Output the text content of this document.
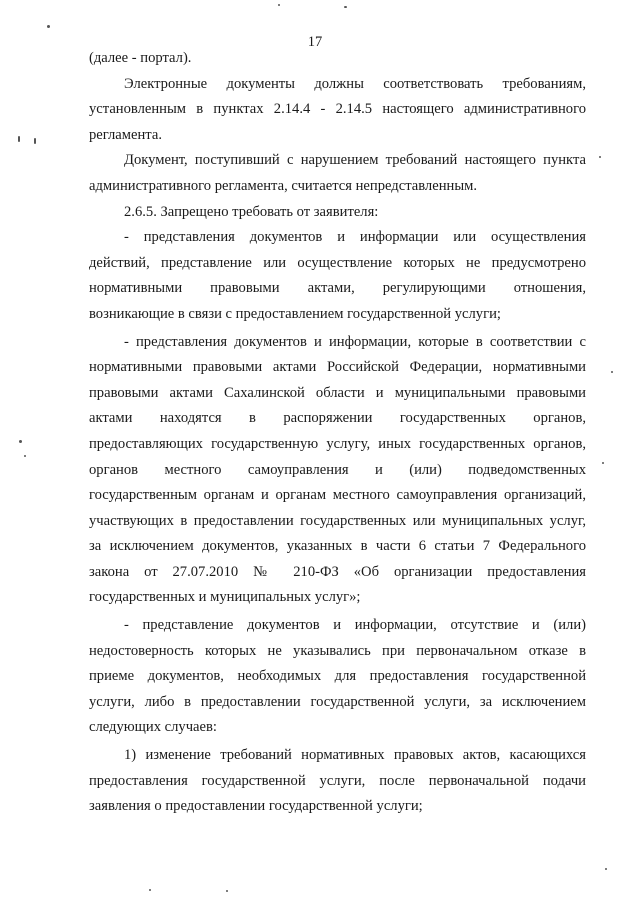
17
(далее - портал).
Электронные документы должны соответствовать требованиям,
установленным в пунктах 2.14.4 - 2.14.5 настоящего административного
регламента.
Документ, поступивший с нарушением требований настоящего пункта
административного регламента, считается непредставленным.
2.6.5. Запрещено требовать от заявителя:
- представления документов и информации или осуществления
действий, представление или осуществление которых не предусмотрено
нормативными правовыми актами, регулирующими отношения,
возникающие в связи с предоставлением государственной услуги;
- представления документов и информации, которые в соответствии с
нормативными правовыми актами Российской Федерации, нормативными
правовыми актами Сахалинской области и муниципальными правовыми
актами находятся в распоряжении государственных органов,
предоставляющих государственную услугу, иных государственных органов,
органов местного самоуправления и (или) подведомственных
государственным органам и органам местного самоуправления организаций,
участвующих в предоставлении государственных или муниципальных услуг,
за исключением документов, указанных в части 6 статьи 7 Федерального
закона от 27.07.2010 № 210-ФЗ «Об организации предоставления
государственных и муниципальных услуг»;
- представление документов и информации, отсутствие и (или)
недостоверность которых не указывались при первоначальном отказе в
приеме документов, необходимых для предоставления государственной
услуги, либо в предоставлении государственной услуги, за исключением
следующих случаев:
1) изменение требований нормативных правовых актов, касающихся
предоставления государственной услуги, после первоначальной подачи
заявления о предоставлении государственной услуги;
